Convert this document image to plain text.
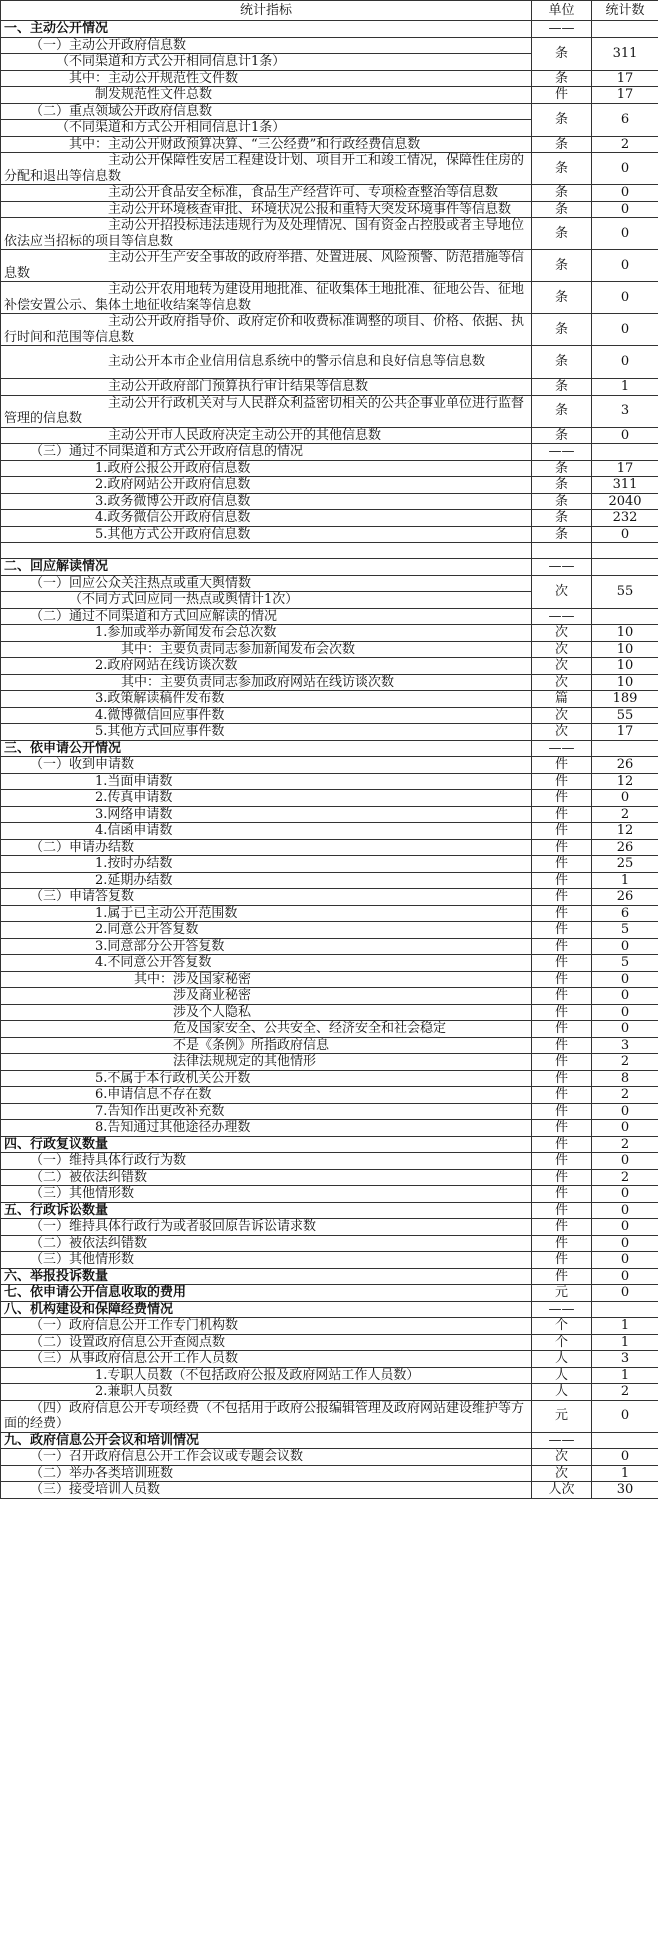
统计指标	单位	统计数
一、主动公开情况	——	
（一）主动公开政府信息数	条	311
（不同渠道和方式公开相同信息计1条）		
其中：主动公开规范性文件数	条	17
制发规范性文件总数	件	17
（二）重点领域公开政府信息数	条	6
（不同渠道和方式公开相同信息计1条）		
其中：主动公开财政预算决算、“三公经费”和行政经费信息数	条	2
主动公开保障性安居工程建设计划、项目开工和竣工情况，保障性住房的分配和退出等信息数	条	0
主动公开食品安全标准，食品生产经营许可、专项检查整治等信息数	条	0
主动公开环境核查审批、环境状况公报和重特大突发环境事件等信息数	条	0
主动公开招投标违法违规行为及处理情况、国有资金占控股或者主导地位依法应当招标的项目等信息数	条	0
主动公开生产安全事故的政府举措、处置进展、风险预警、防范措施等信息数	条	0
主动公开农用地转为建设用地批准、征收集体土地批准、征地公告、征地补偿安置公示、集体土地征收结案等信息数	条	0
主动公开政府指导价、政府定价和收费标准调整的项目、价格、依据、执行时间和范围等信息数	条	0
主动公开本市企业信用信息系统中的警示信息和良好信息等信息数	条	0
主动公开政府部门预算执行审计结果等信息数	条	1
主动公开行政机关对与人民群众利益密切相关的公共企事业单位进行监督管理的信息数	条	3
主动公开市人民政府决定主动公开的其他信息数	条	0
（三）通过不同渠道和方式公开政府信息的情况	——	
1.政府公报公开政府信息数	条	17
2.政府网站公开政府信息数	条	311
3.政务微博公开政府信息数	条	2040
4.政务微信公开政府信息数	条	232
5.其他方式公开政府信息数	条	0

二、回应解读情况	——	
（一）回应公众关注热点或重大舆情数	次	55
（不同方式回应同一热点或舆情计1次）		
（二）通过不同渠道和方式回应解读的情况	——	
1.参加或举办新闻发布会总次数	次	10
其中：主要负责同志参加新闻发布会次数	次	10
2.政府网站在线访谈次数	次	10
其中：主要负责同志参加政府网站在线访谈次数	次	10
3.政策解读稿件发布数	篇	189
4.微博微信回应事件数	次	55
5.其他方式回应事件数	次	17
三、依申请公开情况	——	
（一）收到申请数	件	26
1.当面申请数	件	12
2.传真申请数	件	0
3.网络申请数	件	2
4.信函申请数	件	12
（二）申请办结数	件	26
1.按时办结数	件	25
2.延期办结数	件	1
（三）申请答复数	件	26
1.属于已主动公开范围数	件	6
2.同意公开答复数	件	5
3.同意部分公开答复数	件	0
4.不同意公开答复数	件	5
其中：涉及国家秘密	件	0
涉及商业秘密	件	0
涉及个人隐私	件	0
危及国家安全、公共安全、经济安全和社会稳定	件	0
不是《条例》所指政府信息	件	3
法律法规规定的其他情形	件	2
5.不属于本行政机关公开数	件	8
6.申请信息不存在数	件	2
7.告知作出更改补充数	件	0
8.告知通过其他途径办理数	件	0
四、行政复议数量	件	2
（一）维持具体行政行为数	件	0
（二）被依法纠错数	件	2
（三）其他情形数	件	0
五、行政诉讼数量	件	0
（一）维持具体行政行为或者驳回原告诉讼请求数	件	0
（二）被依法纠错数	件	0
（三）其他情形数	件	0
六、举报投诉数量	件	0
七、依申请公开信息收取的费用	元	0
八、机构建设和保障经费情况	——	
（一）政府信息公开工作专门机构数	个	1
（二）设置政府信息公开查阅点数	个	1
（三）从事政府信息公开工作人员数	人	3
1.专职人员数（不包括政府公报及政府网站工作人员数）	人	1
2.兼职人员数	人	2
（四）政府信息公开专项经费（不包括用于政府公报编辑管理及政府网站建设维护等方面的经费）	元	0
九、政府信息公开会议和培训情况	——	
（一）召开政府信息公开工作会议或专题会议数	次	0
（二）举办各类培训班数	次	1
（三）接受培训人员数	人次	30
